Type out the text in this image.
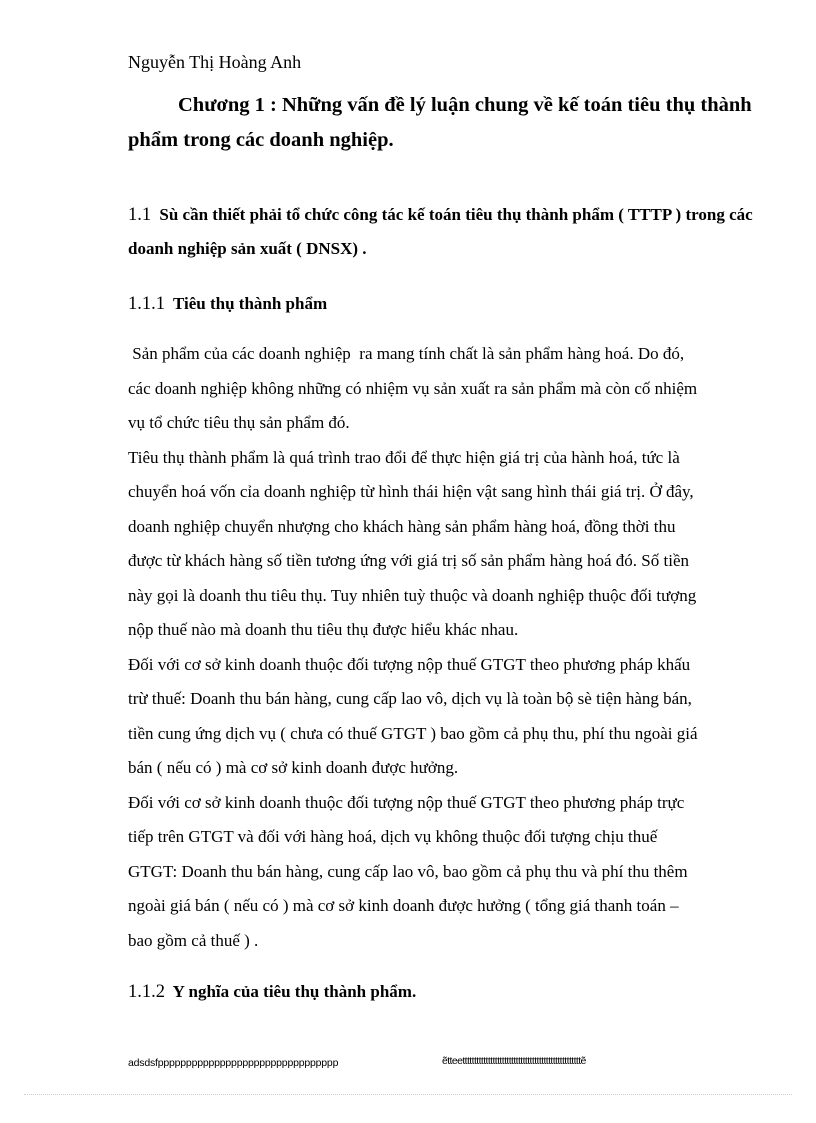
Nguyễn Thị Hoàng Anh
Chương 1 : Những vấn đề lý luận chung về kế toán tiêu thụ thành phẩm trong các doanh nghiệp.
1.1 Sù cần thiết phải tổ chức công tác kế toán tiêu thụ thành phẩm ( TTTP ) trong các doanh nghiệp sản xuất ( DNSX) .
1.1.1 Tiêu thụ thành phẩm

Sản phẩm của các doanh nghiệp  ra mang tính chất là sản phẩm hàng hoá. Do đó,

các doanh nghiệp không những có nhiệm vụ sản xuất ra sản phẩm mà còn cố nhiệm

vụ tổ chức tiêu thụ sản phẩm đó.

Tiêu thụ thành phẩm là quá trình trao đổi để thực hiện giá trị của hành hoá, tức là

chuyển hoá vốn cỉa doanh nghiệp từ hình thái hiện vật sang hình thái giá trị. Ở đây,

doanh nghiệp chuyển nhượng cho khách hàng sản phẩm hàng hoá, đồng thời thu

được từ khách hàng số tiền tương ứng với giá trị số sản phẩm hàng hoá đó. Số tiền

này gọi là doanh thu tiêu thụ. Tuy nhiên tuỳ thuộc và doanh nghiệp thuộc đối tượng

nộp thuế nào mà doanh thu tiêu thụ được hiểu khác nhau.

Đối với cơ sở kinh doanh thuộc đối tượng nộp thuế GTGT theo phương pháp khấu

trừ thuế: Doanh thu bán hàng, cung cấp lao vô, dịch vụ là toàn bộ sè tiện hàng bán,

tiền cung ứng dịch vụ ( chưa có thuế GTGT ) bao gồm cả phụ thu, phí thu ngoài giá

bán ( nếu có ) mà cơ sở kinh doanh được hưởng.

Đối với cơ sở kinh doanh thuộc đối tượng nộp thuế GTGT theo phương pháp trực

tiếp trên GTGT và đối với hàng hoá, dịch vụ không thuộc đối tượng chịu thuế

GTGT: Doanh thu bán hàng, cung cấp lao vô, bao gồm cả phụ thu và phí thu thêm

ngoài giá bán ( nếu có ) mà cơ sở kinh doanh được hưởng ( tổng giá thanh toán –

bao gồm cả thuế ) .

1.1.2 Y nghĩa của tiêu thụ thành phẩm.
adsdsfpppppppppppppppppppppppppppppppp	ẽtteetttttttttttttttttttttttttttttttttttttttttttttttttttẽ
